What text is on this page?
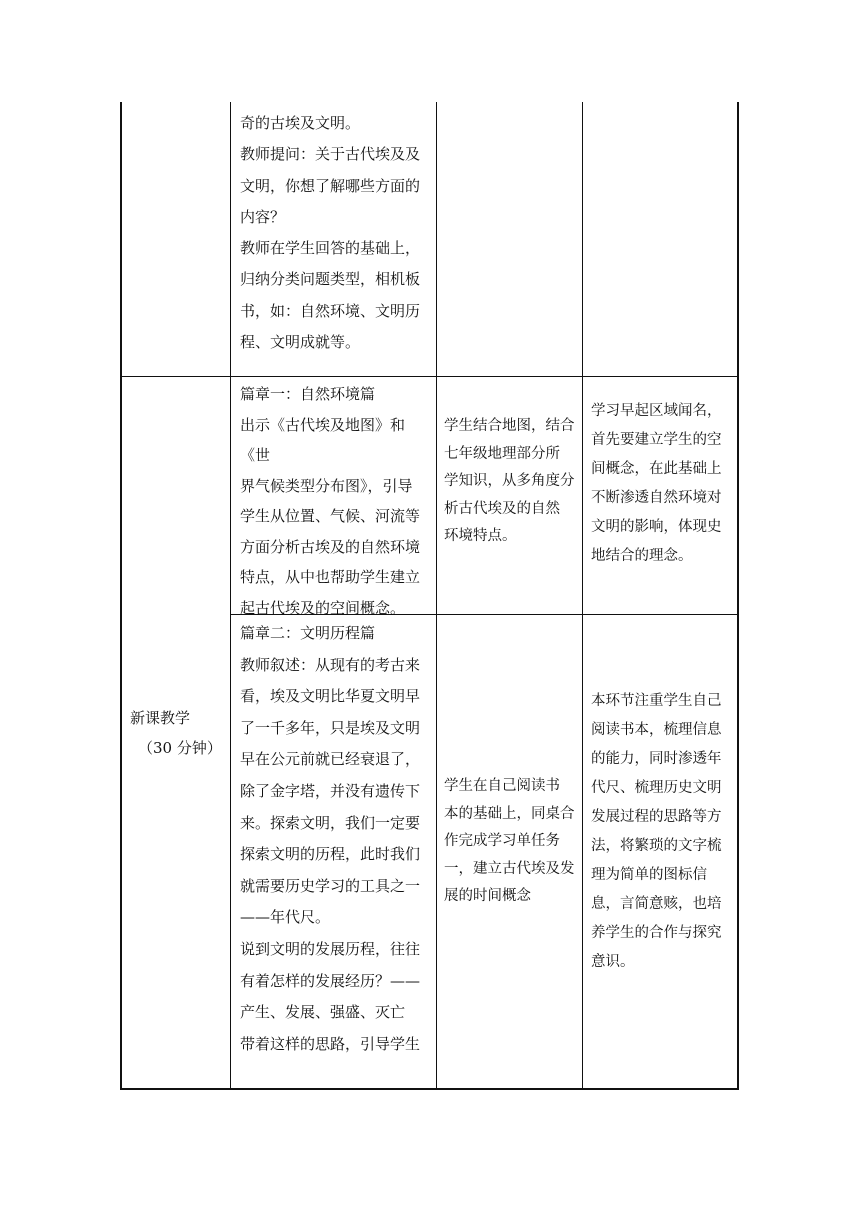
奇的古埃及文明。

教师提问：关于古代埃及及

文明，你想了解哪些方面的

内容？

教师在学生回答的基础上，

归纳分类问题类型，相机板

书，如：自然环境、文明历

程、文明成就等。

篇章一：自然环境篇

出示《古代埃及地图》和《世

界气候类型分布图》，引导

学生从位置、气候、河流等

方面分析古埃及的自然环境

特点，从中也帮助学生建立

起古代埃及的空间概念。

学生结合地图，结合

七年级地理部分所

学知识，从多角度分

析古代埃及的自然

环境特点。

学习早起区域闻名，

首先要建立学生的空

间概念，在此基础上

不断渗透自然环境对

文明的影响，体现史

地结合的理念。

新课教学

（30 分钟）

篇章二：文明历程篇

教师叙述：从现有的考古来

看，埃及文明比华夏文明早

了一千多年，只是埃及文明

早在公元前就已经衰退了，

除了金字塔，并没有遗传下

来。探索文明，我们一定要

探索文明的历程，此时我们

就需要历史学习的工具之一

——年代尺。

说到文明的发展历程，往往

有着怎样的发展经历？——

产生、发展、强盛、灭亡

带着这样的思路，引导学生

学生在自己阅读书

本的基础上，同桌合

作完成学习单任务

一，建立古代埃及发

展的时间概念

本环节注重学生自己

阅读书本，梳理信息

的能力，同时渗透年

代尺、梳理历史文明

发展过程的思路等方

法，将繁琐的文字梳

理为简单的图标信

息，言简意赅，也培

养学生的合作与探究

意识。
